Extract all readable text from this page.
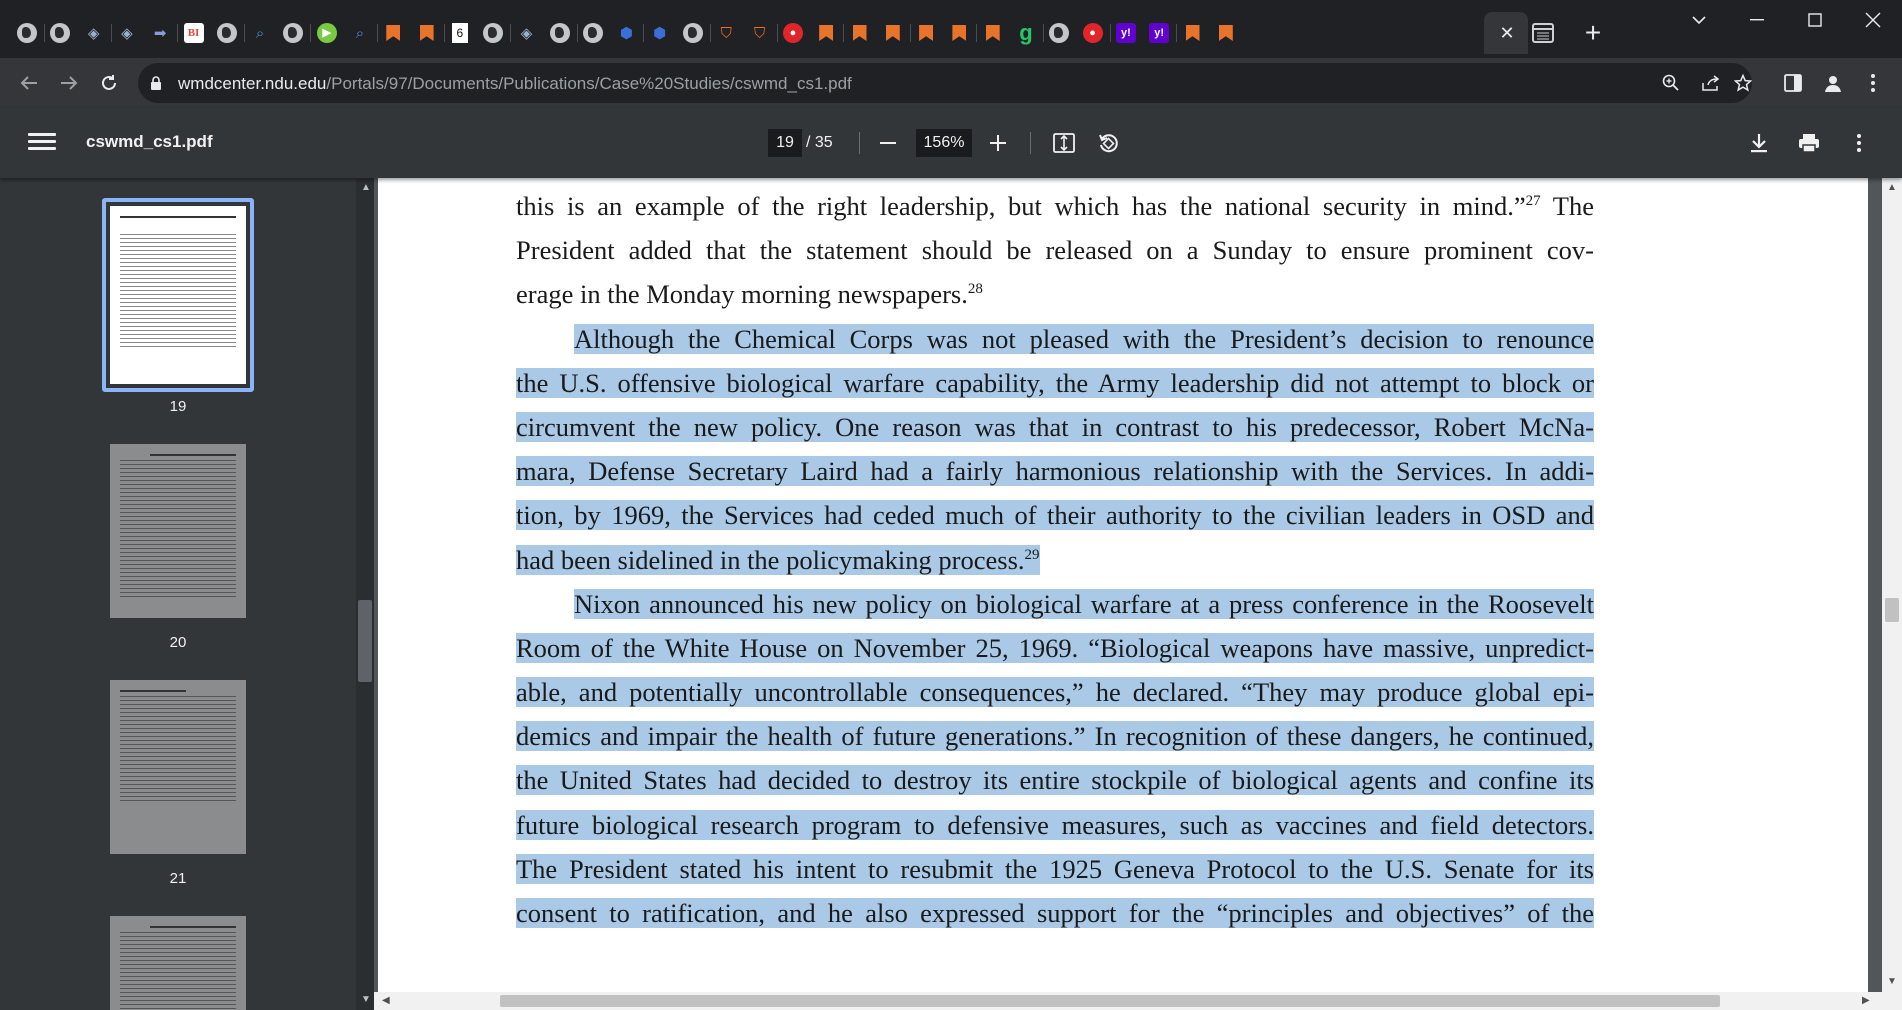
◈ ◈ ➡	BI	⌕	▶	⌕	6	◈	⬢ ⬢	⛉ ⛉	●	g	●	y!	y!	✕	+
wmdcenter.ndu.edu/Portals/97/Documents/Publications/Case%20Studies/cswmd_cs1.pdf
cswmd_cs1.pdf	19 / 35	156%
19
20
21
▲
▼
this is an example of the right leadership, but which has the national security in mind.”$^{27}$ The
President added that the statement should be released on a Sunday to ensure prominent cov-
erage in the Monday morning newspapers.$^{28}$
Although the Chemical Corps was not pleased with the President’s decision to renounce
the U.S. offensive biological warfare capability, the Army leadership did not attempt to block or
circumvent the new policy. One reason was that in contrast to his predecessor, Robert McNa-
mara, Defense Secretary Laird had a fairly harmonious relationship with the Services. In addi-
tion, by 1969, the Services had ceded much of their authority to the civilian leaders in OSD and
had been sidelined in the policymaking process.$^{29}$
Nixon announced his new policy on biological warfare at a press conference in the Roosevelt
Room of the White House on November 25, 1969. “Biological weapons have massive, unpredict-
able, and potentially uncontrollable consequences,” he declared. “They may produce global epi-
demics and impair the health of future generations.” In recognition of these dangers, he continued,
the United States had decided to destroy its entire stockpile of biological agents and confine its
future biological research program to defensive measures, such as vaccines and field detectors.
The President stated his intent to resubmit the 1925 Geneva Protocol to the U.S. Senate for its
consent to ratification, and he also expressed support for the “principles and objectives” of the
▲
▼
◀	▶
